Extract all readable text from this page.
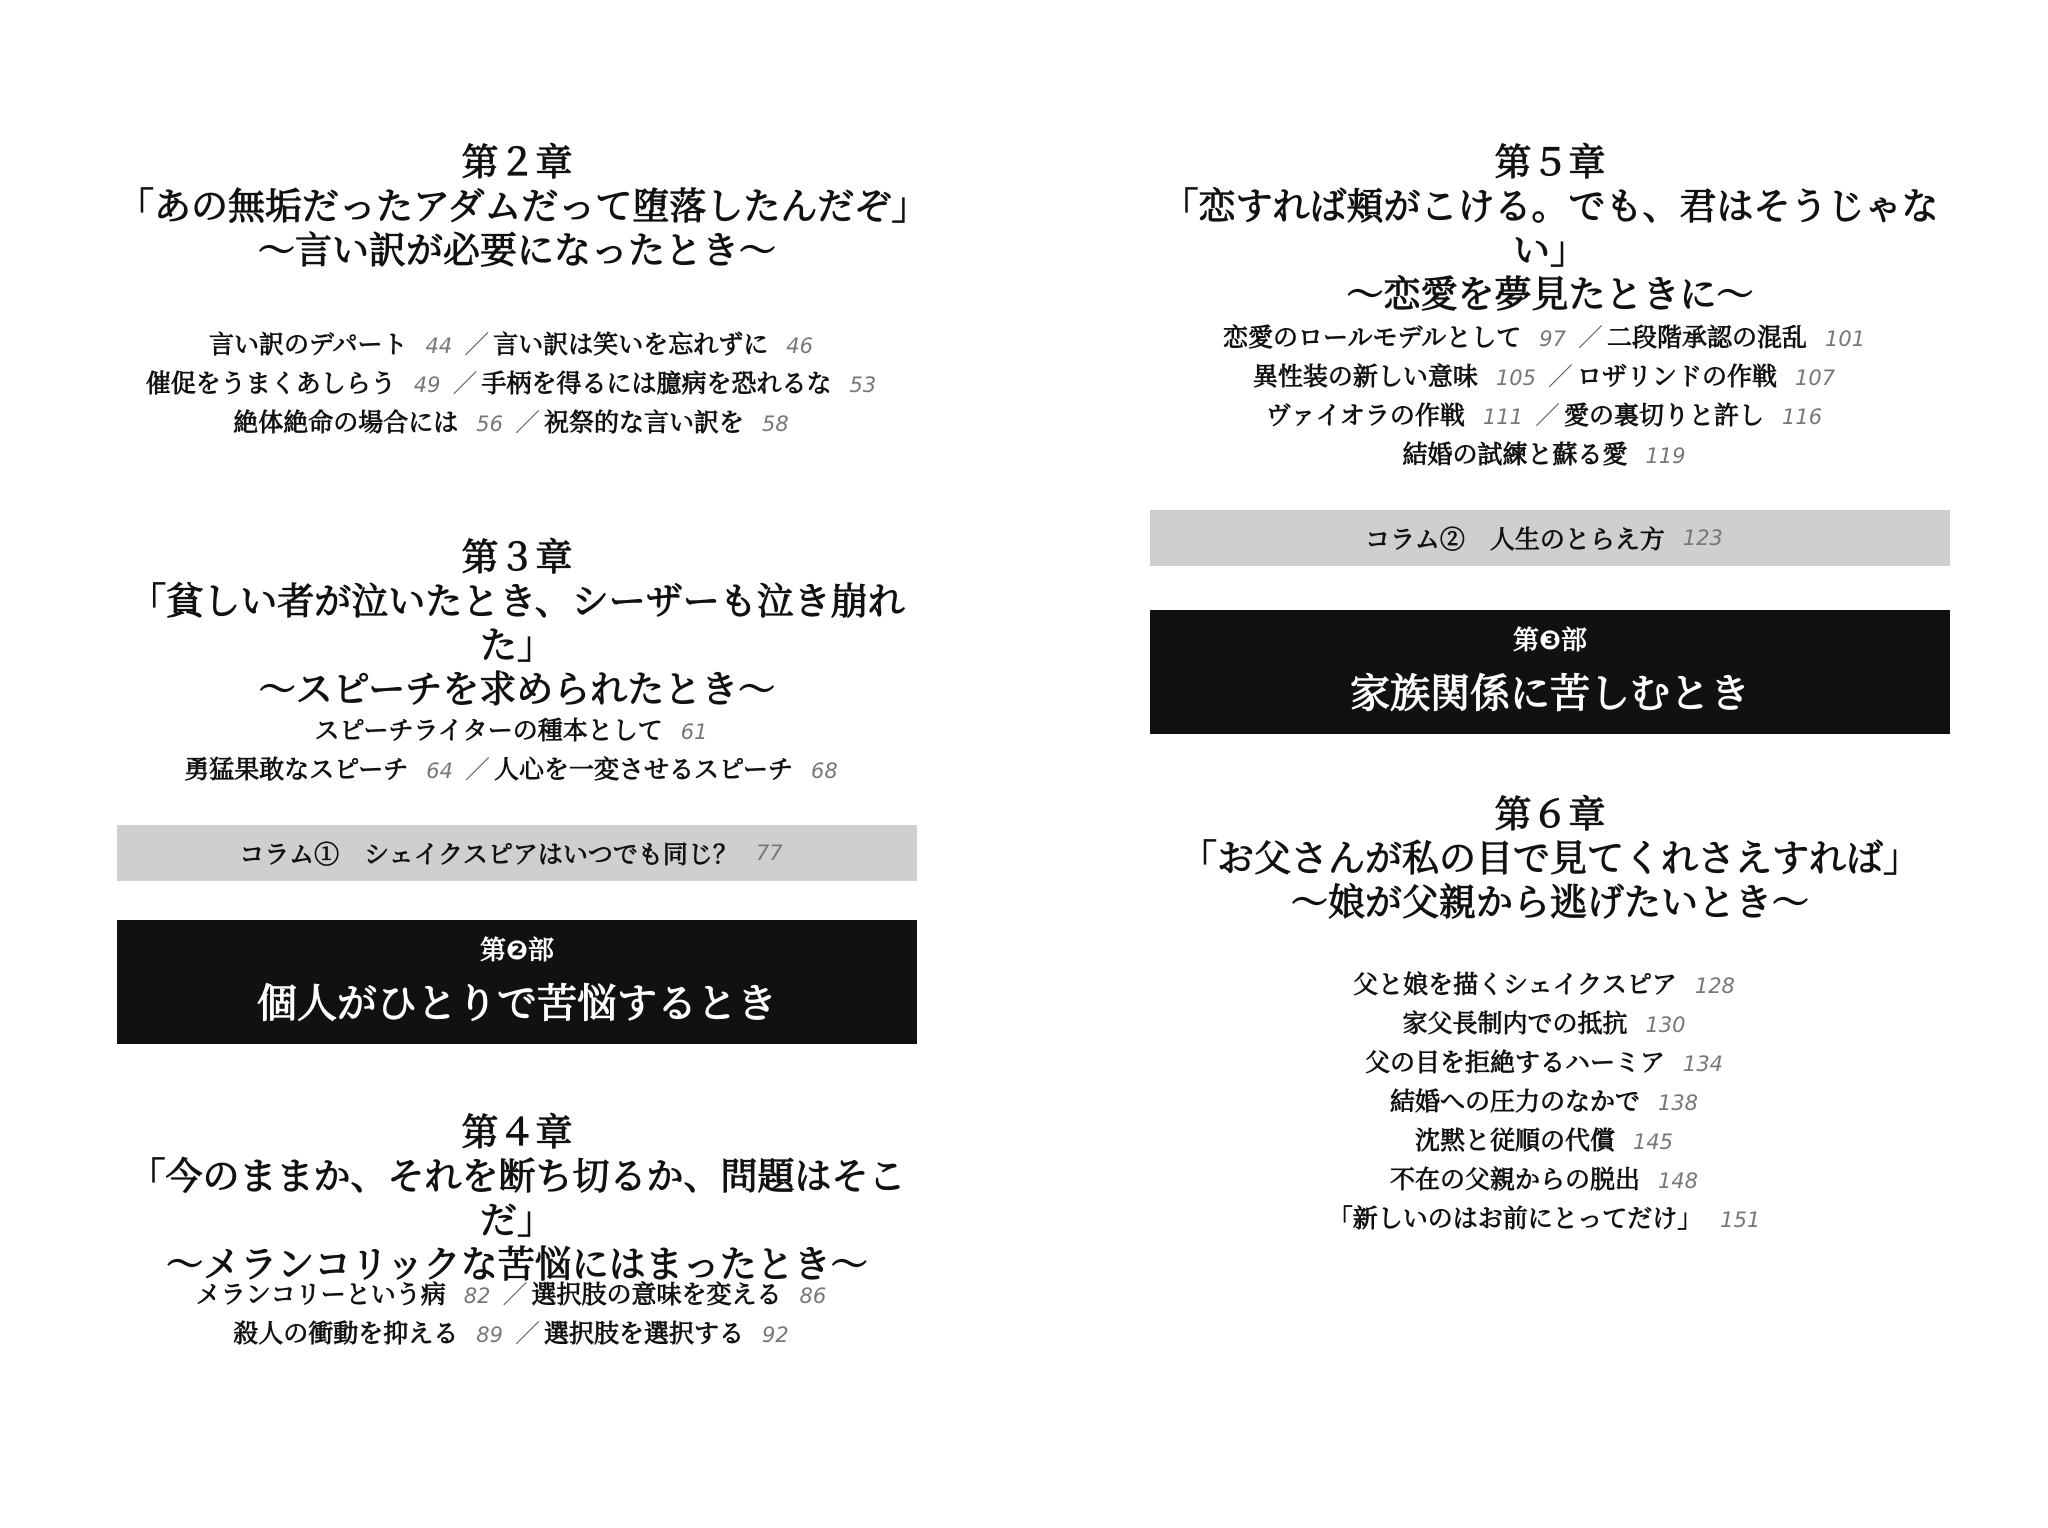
第２章
「あの無垢だったアダムだって堕落したんだぞ」
〜言い訳が必要になったとき〜
言い訳のデパート 44 ／ 言い訳は笑いを忘れずに 46
催促をうまくあしらう 49 ／ 手柄を得るには臆病を恐れるな 53
絶体絶命の場合には 56 ／ 祝祭的な言い訳を 58
第３章
「貧しい者が泣いたとき、シーザーも泣き崩れた」
〜スピーチを求められたとき〜
スピーチライターの種本として 61
勇猛果敢なスピーチ 64 ／ 人心を一変させるスピーチ 68
コラム①　シェイクスピアはいつでも同じ？ 77
第❷部
個人がひとりで苦悩するとき
第４章
「今のままか、それを断ち切るか、問題はそこだ」
〜メランコリックな苦悩にはまったとき〜
メランコリーという病 82 ／ 選択肢の意味を変える 86
殺人の衝動を抑える 89 ／ 選択肢を選択する 92
第５章
「恋すれば頬がこける。でも、君はそうじゃない」
〜恋愛を夢見たときに〜
恋愛のロールモデルとして 97 ／ 二段階承認の混乱 101
異性装の新しい意味 105 ／ ロザリンドの作戦 107
ヴァイオラの作戦 111 ／ 愛の裏切りと許し 116
結婚の試練と蘇る愛 119
コラム②　人生のとらえ方 123
第❸部
家族関係に苦しむとき
第６章
「お父さんが私の目で見てくれさえすれば」
〜娘が父親から逃げたいとき〜
父と娘を描くシェイクスピア 128
家父長制内での抵抗 130
父の目を拒絶するハーミア 134
結婚への圧力のなかで 138
沈黙と従順の代償 145
不在の父親からの脱出 148
「新しいのはお前にとってだけ」 151
